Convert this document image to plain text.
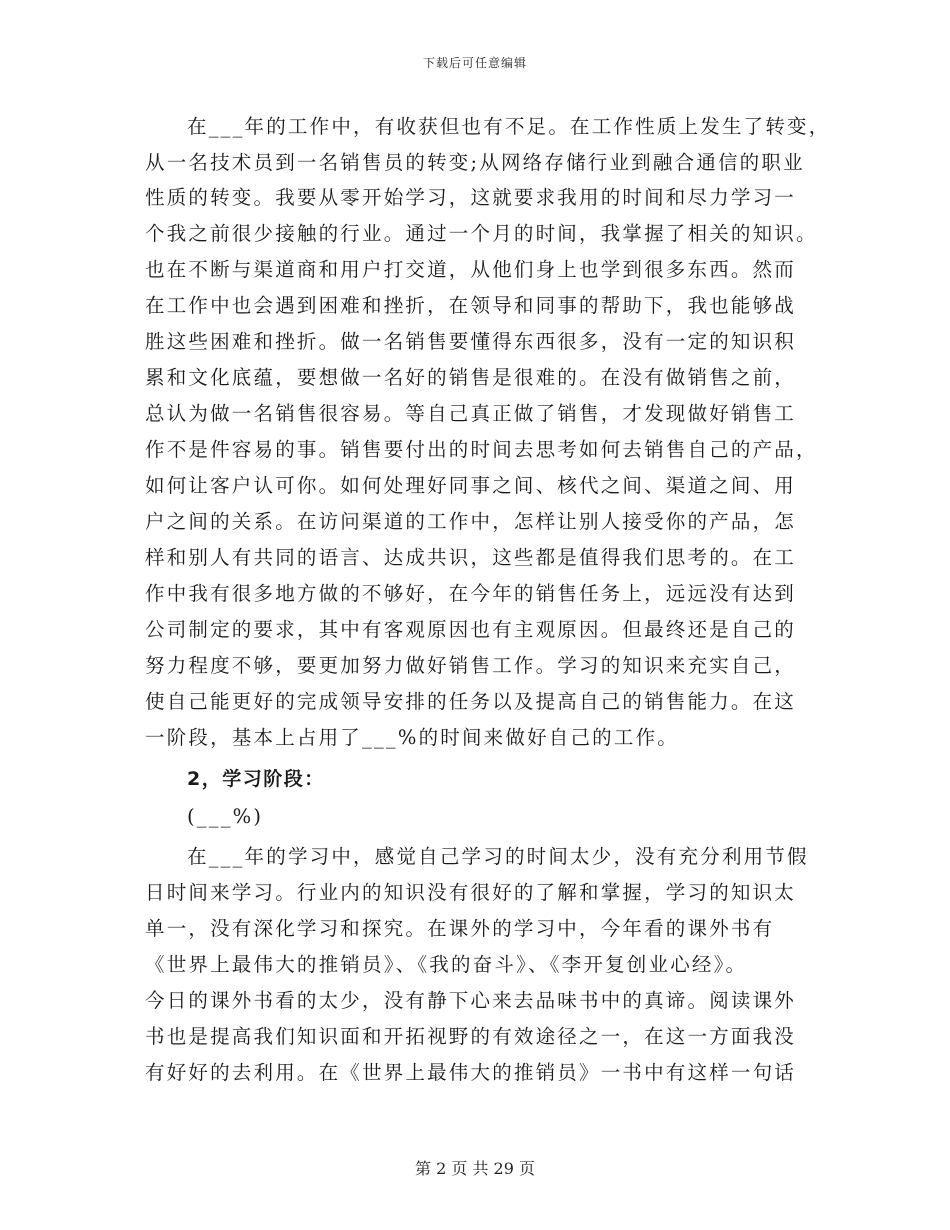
下载后可任意编辑
在___年的工作中，有收获但也有不足。在工作性质上发生了转变，
从一名技术员到一名销售员的转变;从网络存储行业到融合通信的职业
性质的转变。我要从零开始学习，这就要求我用的时间和尽力学习一
个我之前很少接触的行业。通过一个月的时间，我掌握了相关的知识。
也在不断与渠道商和用户打交道，从他们身上也学到很多东西。然而
在工作中也会遇到困难和挫折，在领导和同事的帮助下，我也能够战
胜这些困难和挫折。做一名销售要懂得东西很多，没有一定的知识积
累和文化底蕴，要想做一名好的销售是很难的。在没有做销售之前，
总认为做一名销售很容易。等自己真正做了销售，才发现做好销售工
作不是件容易的事。销售要付出的时间去思考如何去销售自己的产品，
如何让客户认可你。如何处理好同事之间、核代之间、渠道之间、用
户之间的关系。在访问渠道的工作中，怎样让别人接受你的产品，怎
样和别人有共同的语言、达成共识，这些都是值得我们思考的。在工
作中我有很多地方做的不够好，在今年的销售任务上，远远没有达到
公司制定的要求，其中有客观原因也有主观原因。但最终还是自己的
努力程度不够，要更加努力做好销售工作。学习的知识来充实自己，
使自己能更好的完成领导安排的任务以及提高自己的销售能力。在这
一阶段，基本上占用了___%的时间来做好自己的工作。
2，学习阶段：
(___%)
在___年的学习中，感觉自己学习的时间太少，没有充分利用节假
日时间来学习。行业内的知识没有很好的了解和掌握，学习的知识太
单一，没有深化学习和探究。在课外的学习中，今年看的课外书有
《世界上最伟大的推销员》、《我的奋斗》、《李开复创业心经》。
今日的课外书看的太少，没有静下心来去品味书中的真谛。阅读课外
书也是提高我们知识面和开拓视野的有效途径之一，在这一方面我没
有好好的去利用。在《世界上最伟大的推销员》一书中有这样一句话
第 2 页 共 29 页
